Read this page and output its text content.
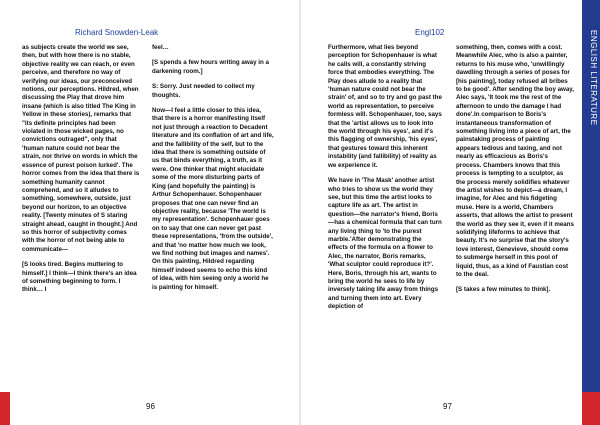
Richard Snowden-Leak	Engl102

as subjects create the world we see, then, but with how there is no stable, objective reality we can reach, or even perceive, and therefore no way of verifying our ideas, our preconceived notions, our perceptions. Hildred, when discussing the Play that drove him insane (which is also titled The King in Yellow in these stories), remarks that "its definite principles had been violated in those wicked pages, no convictions outraged", only that 'human nature could not bear the strain, nor thrive on words in which the essence of purest poison lurked'. The horror comes from the idea that there is something humanity cannot comprehend, and so it alludes to something, somewhere, outside, just beyond our horizon, to an objective reality. [Twenty minutes of S staring straight ahead, caught in thought.] And so this horror of subjectivity comes with the horror of not being able to communicate—

[S looks tired. Begins muttering to himself.] I think—I think there's an idea of something beginning to form. I think… I

feel…

[S spends a few hours writing away in a darkening room.]

S: Sorry. Just needed to collect my thoughts.

Now—I feel a little closer to this idea, that there is a horror manifesting itself not just through a reaction to Decadent literature and its conflation of art and life, and the fallibility of the self, but to the idea that there is something outside of us that binds everything, a truth, as it were. One thinker that might elucidate some of the more disturbing parts of King (and hopefully the painting) is Arthur Schopenhauer. Schopenhauer proposes that one can never find an objective reality, because 'The world is my representation'. Schopenhauer goes on to say that one can never get past these representations, 'from the outside', and that 'no matter how much we look, we find nothing but images and names'. On this painting, Hildred regarding himself indeed seems to echo this kind of idea, with him seeing only a world he is painting for himself.

Furthermore, what lies beyond perception for Schopenhauer is what he calls will, a constantly striving force that embodies everything. The Play does allude to a reality that 'human nature could not bear the strain' of, and so to try and go past the world as representation, to perceive formless will. Schopenhauer, too, says that the 'artist allows us to look into the world through his eyes', and it's this flagging of ownership, 'his eyes', that gestures toward this inherent instability (and fallibility) of reality as we experience it.

We have in 'The Mask' another artist who tries to show us the world they see, but this time the artist looks to capture life as art. The artist in question—the narrator's friend, Boris—has a chemical formula that can turn any living thing to 'to the purest marble.'After demonstrating the effects of the formula on a flower to Alec, the narrator, Boris remarks, 'What sculptor could reproduce it?'. Here, Boris, through his art, wants to bring the world he sees to life by inversely taking life away from things and turning them into art. Every depiction of

something, then, comes with a cost. Meanwhile Alec, who is also a painter, returns to his muse who, 'unwillingly dawdling through a series of poses for [his painting], today refused all bribes to be good'. After sending the boy away, Alec says, 'It took me the rest of the afternoon to undo the damage I had done'.In comparison to Boris's instantaneous transformation of something living into a piece of art, the painstaking process of painting appears tedious and taxing, and not nearly as efficacious as Boris's process. Chambers knows that this process is tempting to a sculptor, as the process merely solidifies whatever the artist wishes to depict—a dream, I imagine, for Alec and his fidgeting muse. Here is a world, Chambers asserts, that allows the artist to present the world as they see it, even if it means solidifying lifeforms to achieve that beauty. It's no surprise that the story's love interest, Genevieve, should come to submerge herself in this pool of liquid, thus, as a kind of Faustian cost to the deal.

[S takes a few minutes to think].

96	97
ENGLISH LITERATURE
